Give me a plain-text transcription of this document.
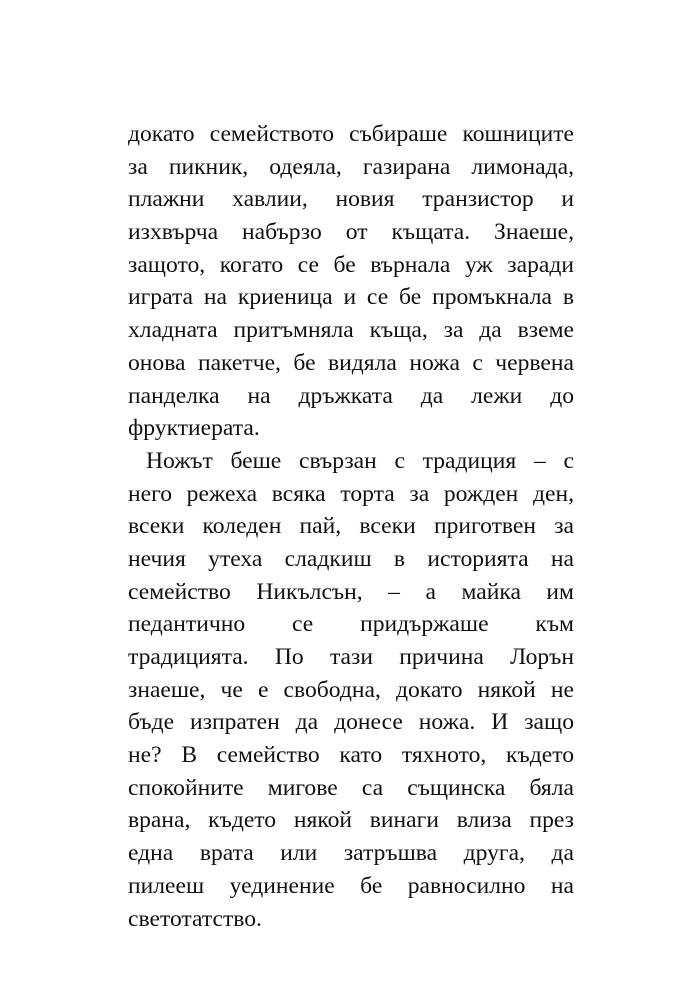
докато семейството събираше кошниците
за пикник, одеяла, газирана лимонада,
плажни хавлии, новия транзистор и
изхвърча набързо от къщата. Знаеше,
защото, когато се бе върнала уж заради
играта на криеница и се бе промъкнала в
хладната притъмняла къща, за да вземе
онова пакетче, бе видяла ножа с червена
панделка на дръжката да лежи до
фруктиерата.
Ножът беше свързан с традиция – с
него режеха всяка торта за рожден ден,
всеки коледен пай, всеки приготвен за
нечия утеха сладкиш в историята на
семейство Никълсън, – а майка им
педантично се придържаше към
традицията. По тази причина Лорън
знаеше, че е свободна, докато някой не
бъде изпратен да донесе ножа. И защо
не? В семейство като тяхното, където
спокойните мигове са същинска бяла
врана, където някой винаги влиза през
една врата или затръшва друга, да
пилееш уединение бе равносилно на
светотатство.
